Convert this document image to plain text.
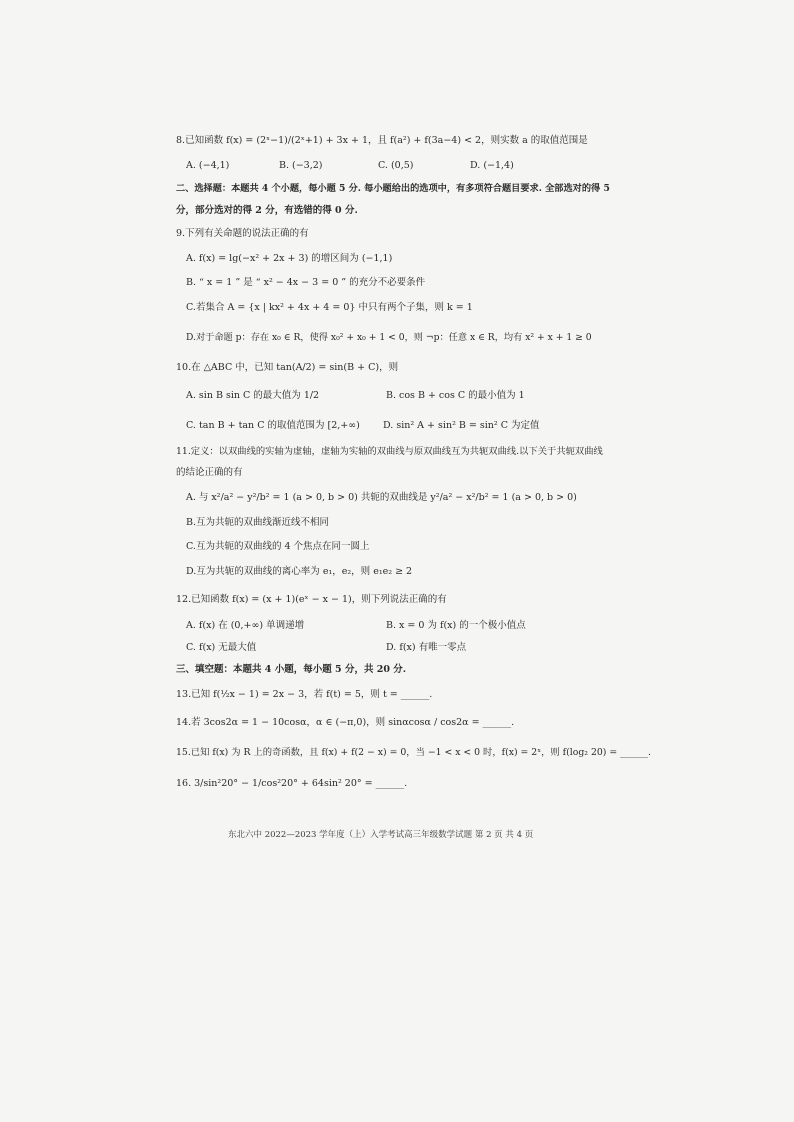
8.已知函数 f(x) = (2ˣ−1)/(2ˣ+1) + 3x + 1，且 f(a²) + f(3a−4) < 2，则实数 a 的取值范围是
A. (−4,1)	B. (−3,2)	C. (0,5)	D. (−1,4)
二、选择题：本题共 4 个小题，每小题 5 分. 每小题给出的选项中，有多项符合题目要求. 全部选对的得 5
分，部分选对的得 2 分，有选错的得 0 分.
9.下列有关命题的说法正确的有
A. f(x) = lg(−x² + 2x + 3) 的增区间为 (−1,1)
B. “ x = 1 ” 是 “ x² − 4x − 3 = 0 ” 的充分不必要条件
C.若集合 A = {x | kx² + 4x + 4 = 0} 中只有两个子集，则 k = 1
D.对于命题 p：存在 x₀ ∈ R，使得 x₀² + x₀ + 1 < 0，则 ¬p：任意 x ∈ R，均有 x² + x + 1 ≥ 0
10.在 △ABC 中，已知 tan(A/2) = sin(B + C)，则
A. sin B sin C 的最大值为 1/2	B. cos B + cos C 的最小值为 1
C. tan B + tan C 的取值范围为 [2,+∞) D. sin² A + sin² B = sin² C 为定值
11.定义：以双曲线的实轴为虚轴，虚轴为实轴的双曲线与原双曲线互为共轭双曲线.以下关于共轭双曲线
的结论正确的有
A. 与 x²/a² − y²/b² = 1 (a > 0, b > 0) 共轭的双曲线是 y²/a² − x²/b² = 1 (a > 0, b > 0)
B.互为共轭的双曲线渐近线不相同
C.互为共轭的双曲线的 4 个焦点在同一圆上
D.互为共轭的双曲线的离心率为 e₁，e₂，则 e₁e₂ ≥ 2
12.已知函数 f(x) = (x + 1)(eˣ − x − 1)，则下列说法正确的有
A. f(x) 在 (0,+∞) 单调递增	B. x = 0 为 f(x) 的一个极小值点
C. f(x) 无最大值	D. f(x) 有唯一零点
三、填空题：本题共 4 小题，每小题 5 分，共 20 分.
13.已知 f(½x − 1) = 2x − 3，若 f(t) = 5，则 t = ______.
14.若 3cos2α = 1 − 10cosα，α ∈ (−π,0)，则 sinαcosα / cos2α = ______.
15.已知 f(x) 为 R 上的奇函数，且 f(x) + f(2 − x) = 0，当 −1 < x < 0 时，f(x) = 2ˣ，则 f(log₂ 20) = ______.
16. 3/sin²20° − 1/cos²20° + 64sin² 20° = ______.
东北六中 2022—2023 学年度（上）入学考试高三年级数学试题 第 2 页 共 4 页
